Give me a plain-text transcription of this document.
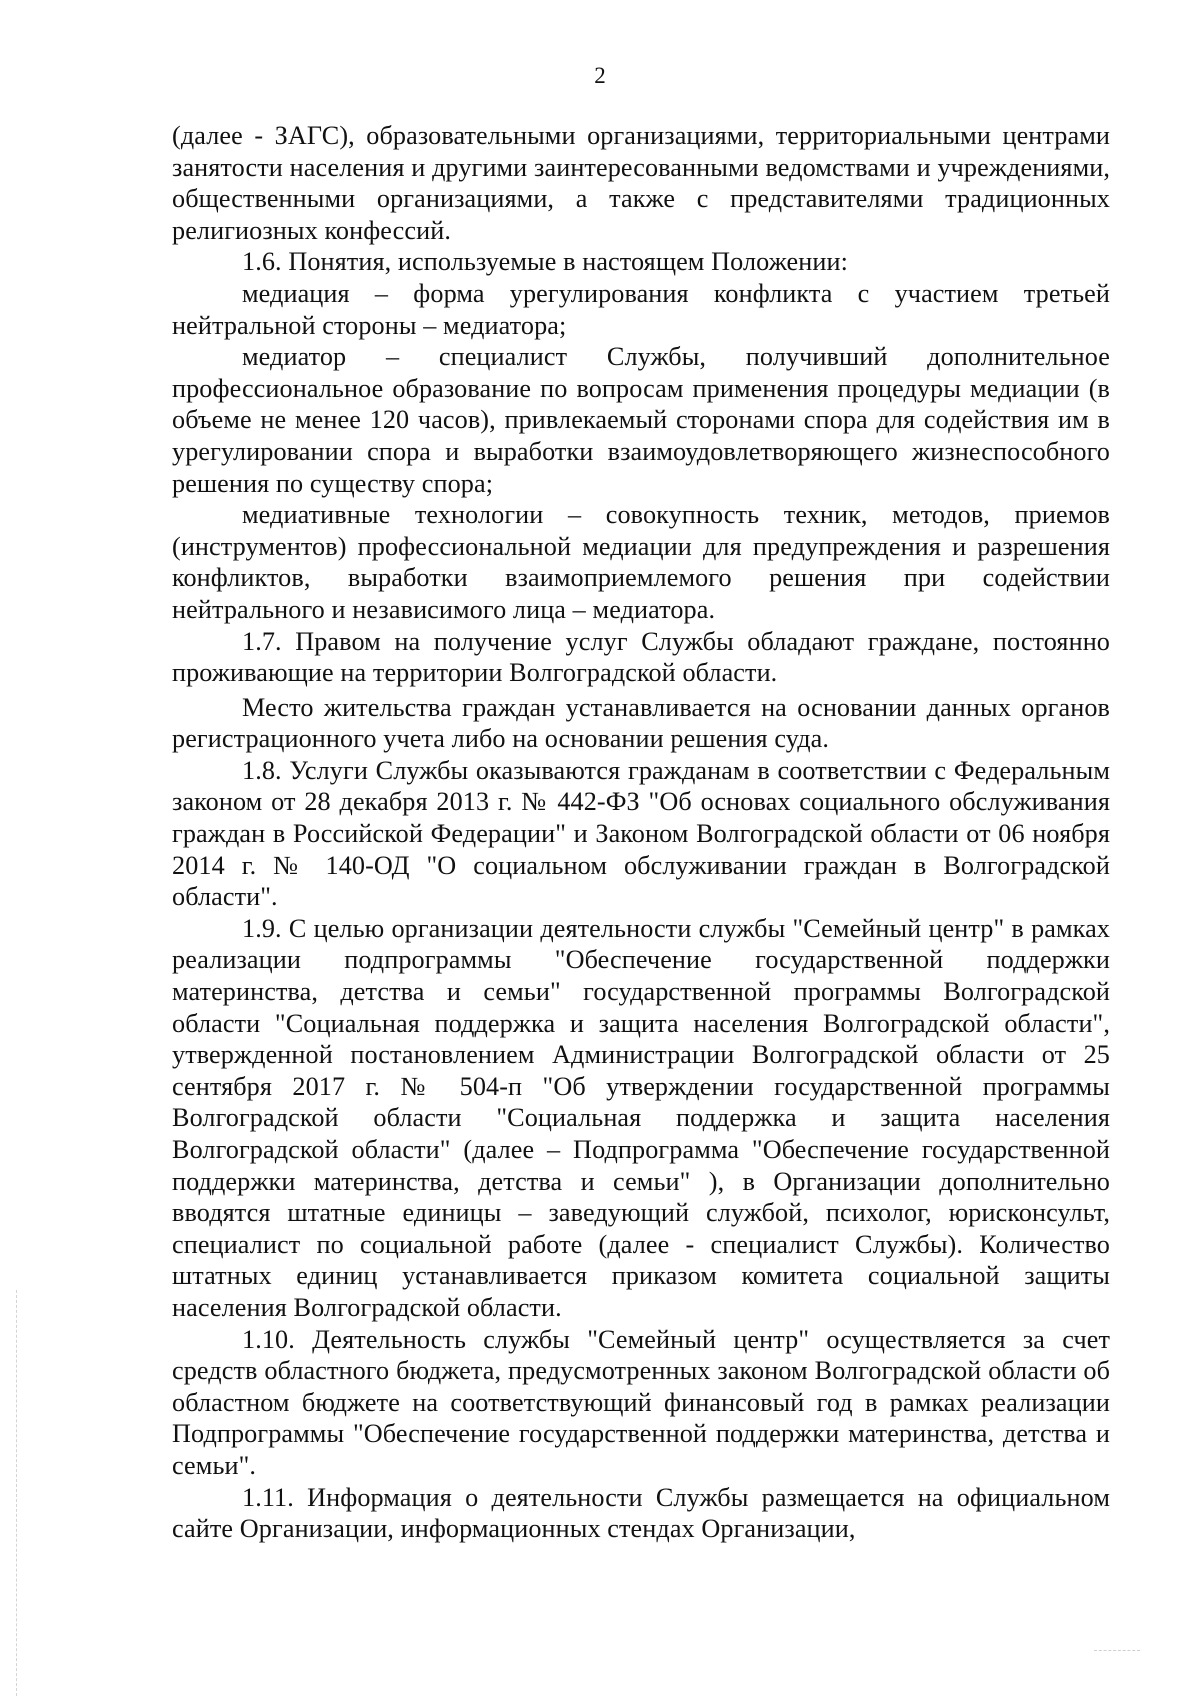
2

(далее - ЗАГС), образовательными организациями, территориальными центрами занятости населения и другими заинтересованными ведомствами и учреждениями, общественными организациями, а также с представителями традиционных религиозных конфессий.

1.6. Понятия, используемые в настоящем Положении:

медиация – форма урегулирования конфликта с участием третьей нейтральной стороны – медиатора;

медиатор – специалист Службы, получивший дополнительное профессиональное образование по вопросам применения процедуры медиации (в объеме не менее 120 часов), привлекаемый сторонами спора для содействия им в урегулировании спора и выработки взаимоудовлетворяющего жизнеспособного решения по существу спора;

медиативные технологии – совокупность техник, методов, приемов (инструментов) профессиональной медиации для предупреждения и разрешения конфликтов, выработки взаимоприемлемого решения при содействии нейтрального и независимого лица – медиатора.

1.7. Правом на получение услуг Службы обладают граждане, постоянно проживающие на территории Волгоградской области.

Место жительства граждан устанавливается на основании данных органов регистрационного учета либо на основании решения суда.

1.8. Услуги Службы оказываются гражданам в соответствии с Федеральным законом от 28 декабря 2013 г. № 442-ФЗ "Об основах социального обслуживания граждан в Российской Федерации" и Законом Волгоградской области от 06 ноября 2014 г. № 140-ОД "О социальном обслуживании граждан в Волгоградской области".

1.9. С целью организации деятельности службы "Семейный центр" в рамках реализации подпрограммы "Обеспечение государственной поддержки материнства, детства и семьи" государственной программы Волгоградской области "Социальная поддержка и защита населения Волгоградской области", утвержденной постановлением Администрации Волгоградской области от 25 сентября 2017 г. № 504-п "Об утверждении государственной программы Волгоградской области "Социальная поддержка и защита населения Волгоградской области" (далее – Подпрограмма "Обеспечение государственной поддержки материнства, детства и семьи" ), в Организации дополнительно вводятся штатные единицы – заведующий службой, психолог, юрисконсульт, специалист по социальной работе (далее - специалист Службы). Количество штатных единиц устанавливается приказом комитета социальной защиты населения Волгоградской области.

1.10. Деятельность службы "Семейный центр" осуществляется за счет средств областного бюджета, предусмотренных законом Волгоградской области об областном бюджете на соответствующий финансовый год в рамках реализации Подпрограммы "Обеспечение государственной поддержки материнства, детства и семьи".

1.11. Информация о деятельности Службы размещается на официальном сайте Организации, информационных стендах Организации,
